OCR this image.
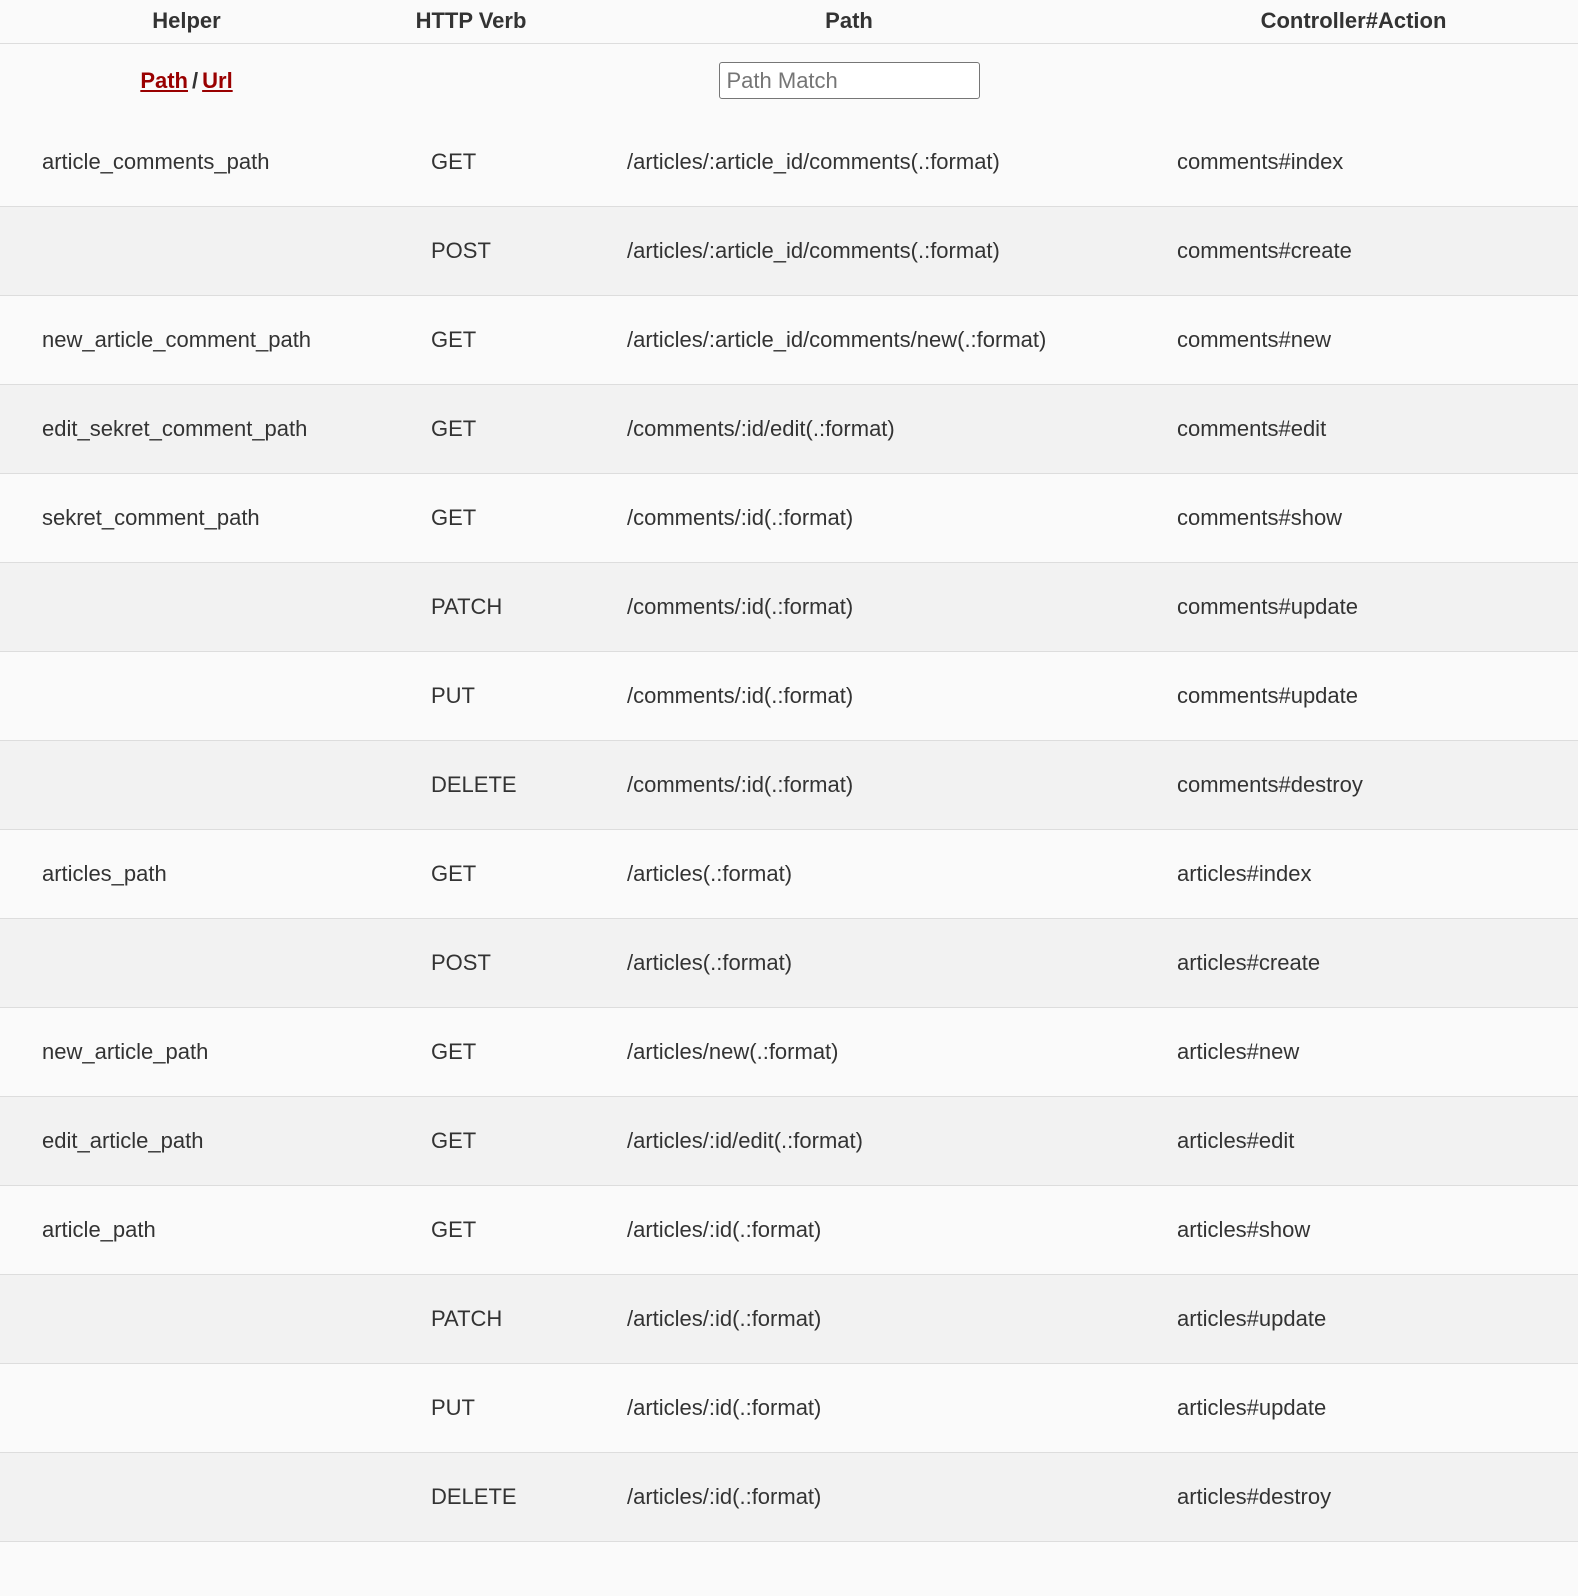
Helper	HTTP Verb	Path	Controller#Action
Path / Url		Path Match	
article_comments_path	GET	/articles/:article_id/comments(.:format)	comments#index
	POST	/articles/:article_id/comments(.:format)	comments#create
new_article_comment_path	GET	/articles/:article_id/comments/new(.:format)	comments#new
edit_sekret_comment_path	GET	/comments/:id/edit(.:format)	comments#edit
sekret_comment_path	GET	/comments/:id(.:format)	comments#show
	PATCH	/comments/:id(.:format)	comments#update
	PUT	/comments/:id(.:format)	comments#update
	DELETE	/comments/:id(.:format)	comments#destroy
articles_path	GET	/articles(.:format)	articles#index
	POST	/articles(.:format)	articles#create
new_article_path	GET	/articles/new(.:format)	articles#new
edit_article_path	GET	/articles/:id/edit(.:format)	articles#edit
article_path	GET	/articles/:id(.:format)	articles#show
	PATCH	/articles/:id(.:format)	articles#update
	PUT	/articles/:id(.:format)	articles#update
	DELETE	/articles/:id(.:format)	articles#destroy
